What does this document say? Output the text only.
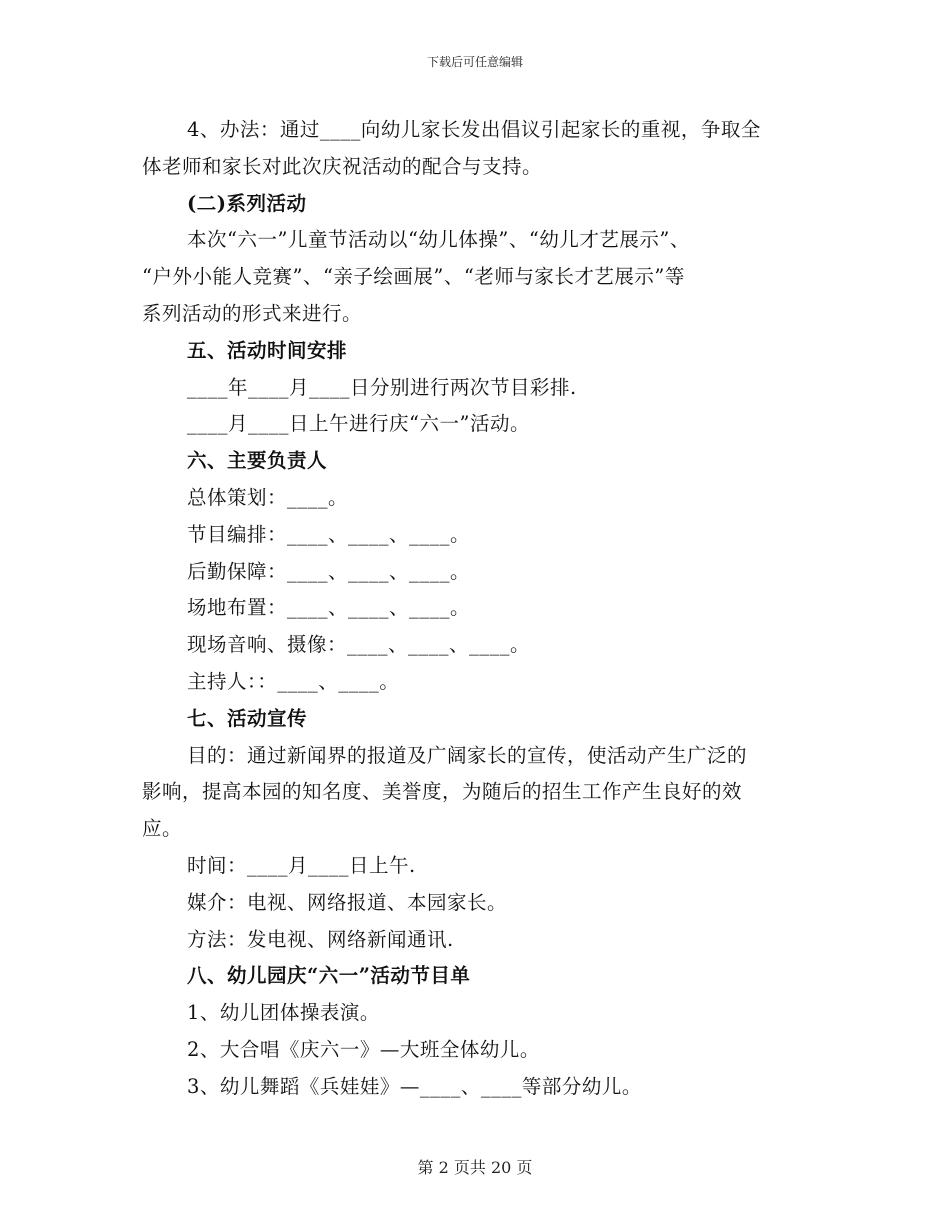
下载后可任意编辑
4、办法：通过____向幼儿家长发出倡议引起家长的重视，争取全
体老师和家长对此次庆祝活动的配合与支持。
(二)系列活动
本次“六一”儿童节活动以“幼儿体操”、“幼儿才艺展示”、
“户外小能人竞赛”、“亲子绘画展”、“老师与家长才艺展示”等
系列活动的形式来进行。
五、活动时间安排
____年____月____日分别进行两次节目彩排.
____月____日上午进行庆“六一”活动。
六、主要负责人
总体策划：____。
节目编排：____、____、____。
后勤保障：____、____、____。
场地布置：____、____、____。
现场音响、摄像：____、____、____。
主持人：：____、____。
七、活动宣传
目的：通过新闻界的报道及广阔家长的宣传，使活动产生广泛的
影响，提高本园的知名度、美誉度，为随后的招生工作产生良好的效
应。
时间：____月____日上午.
媒介：电视、网络报道、本园家长。
方法：发电视、网络新闻通讯.
八、幼儿园庆“六一”活动节目单
1、幼儿团体操表演。
2、大合唱《庆六一》—大班全体幼儿。
3、幼儿舞蹈《兵娃娃》—____、____等部分幼儿。
第 2 页共 20 页
